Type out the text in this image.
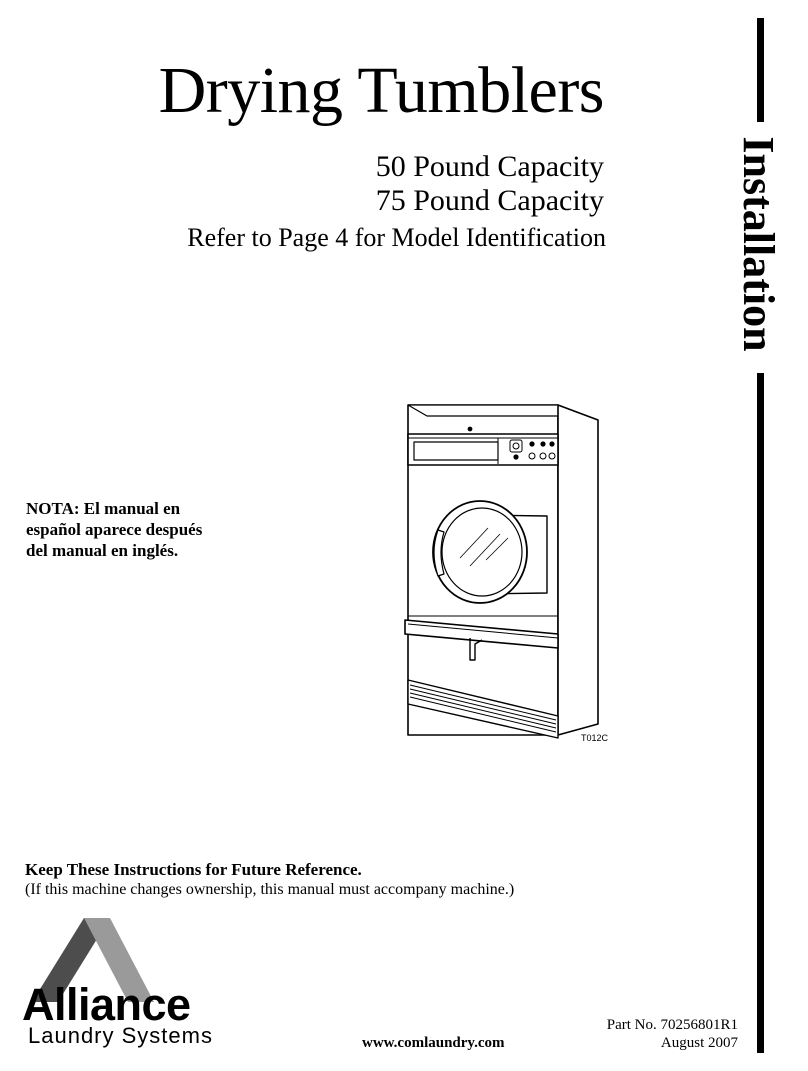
Drying Tumblers
50 Pound Capacity
75 Pound Capacity
Refer to Page 4 for Model Identification	Installation
NOTA: El manual en
español aparece después
del manual en inglés.
T012C
Keep These Instructions for Future Reference.
(If this machine changes ownership, this manual must accompany machine.)
Alliance
Laundry Systems	www.comlaundry.com
Part No. 70256801R1
August 2007
